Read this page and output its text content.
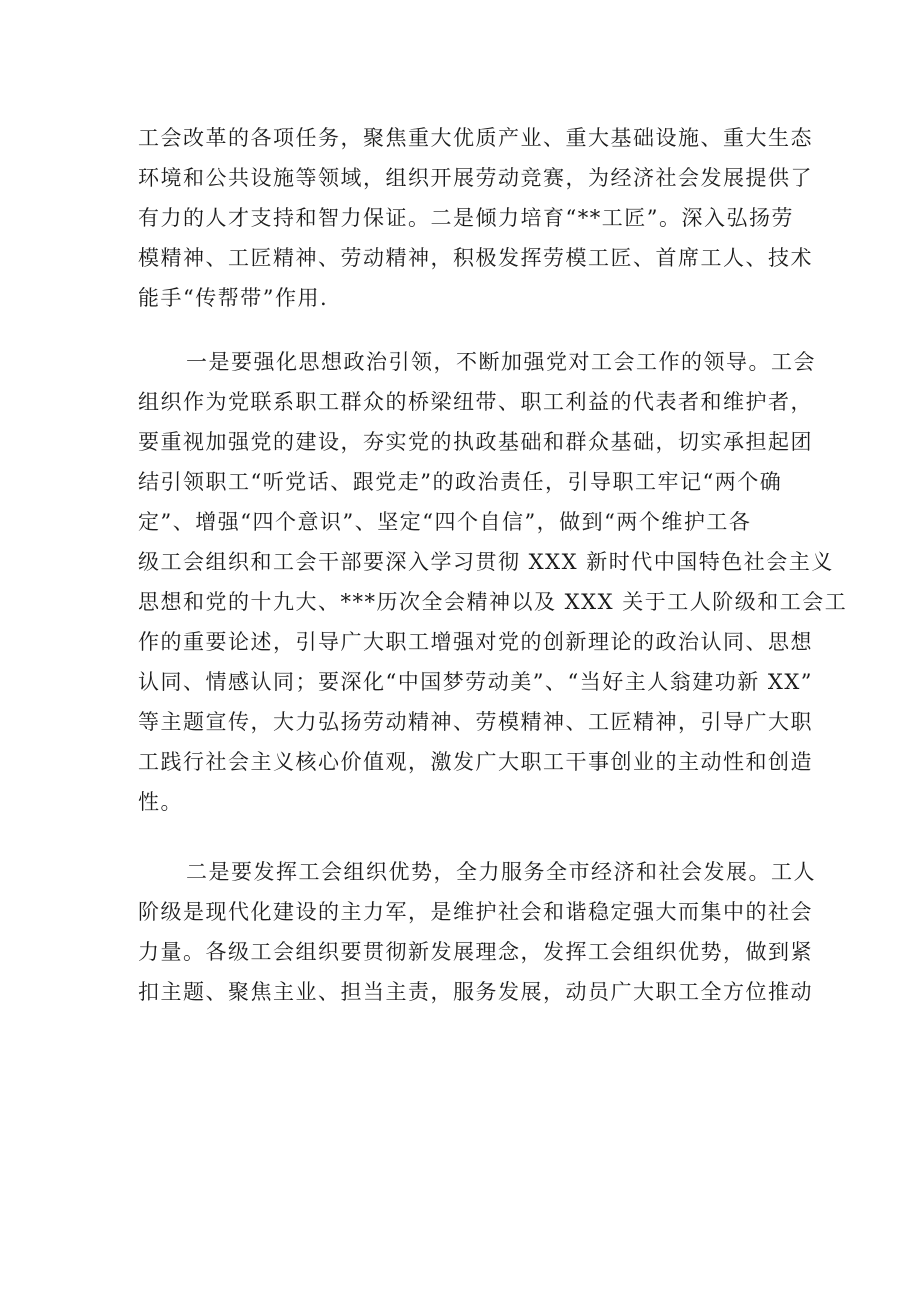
工会改革的各项任务，聚焦重大优质产业、重大基础设施、重大生态
环境和公共设施等领域，组织开展劳动竞赛，为经济社会发展提供了
有力的人才支持和智力保证。二是倾力培育“**工匠”。深入弘扬劳
模精神、工匠精神、劳动精神，积极发挥劳模工匠、首席工人、技术
能手“传帮带”作用.
一是要强化思想政治引领，不断加强党对工会工作的领导。工会
组织作为党联系职工群众的桥梁纽带、职工利益的代表者和维护者，
要重视加强党的建设，夯实党的执政基础和群众基础，切实承担起团
结引领职工“听党话、跟党走”的政治责任，引导职工牢记“两个确
定”、增强“四个意识”、坚定“四个自信”，做到“两个维护工各
级工会组织和工会干部要深入学习贯彻 XXX 新时代中国特色社会主义
思想和党的十九大、***历次全会精神以及 XXX 关于工人阶级和工会工
作的重要论述，引导广大职工增强对党的创新理论的政治认同、思想
认同、情感认同；要深化“中国梦劳动美”、“当好主人翁建功新 XX”
等主题宣传，大力弘扬劳动精神、劳模精神、工匠精神，引导广大职
工践行社会主义核心价值观，激发广大职工干事创业的主动性和创造
性。
二是要发挥工会组织优势，全力服务全市经济和社会发展。工人
阶级是现代化建设的主力军，是维护社会和谐稳定强大而集中的社会
力量。各级工会组织要贯彻新发展理念，发挥工会组织优势，做到紧
扣主题、聚焦主业、担当主责，服务发展，动员广大职工全方位推动
